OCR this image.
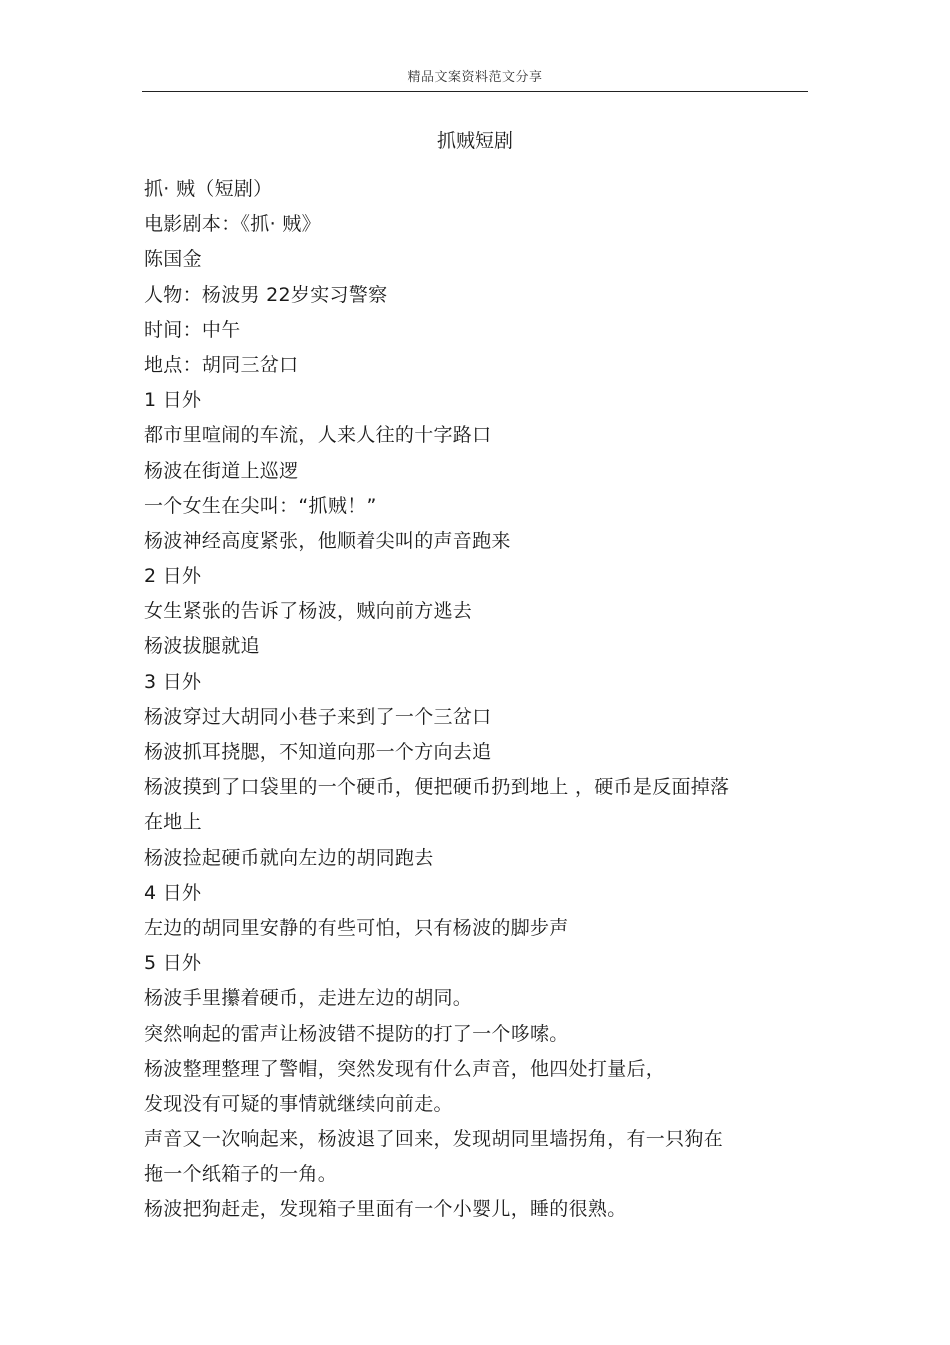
精品文案资料范文分享
抓贼短剧
抓· 贼（短剧）
电影剧本：《抓· 贼》
陈国金
人物：杨波男 22岁实习警察
时间：中午
地点：胡同三岔口
1 日外
都市里喧闹的车流，人来人往的十字路口
杨波在街道上巡逻
一个女生在尖叫：“抓贼！”
杨波神经高度紧张，他顺着尖叫的声音跑来
2 日外
女生紧张的告诉了杨波，贼向前方逃去
杨波拔腿就追
3 日外
杨波穿过大胡同小巷子来到了一个三岔口
杨波抓耳挠腮，不知道向那一个方向去追
杨波摸到了口袋里的一个硬币，便把硬币扔到地上 ，硬币是反面掉落
在地上
杨波捡起硬币就向左边的胡同跑去
4 日外
左边的胡同里安静的有些可怕，只有杨波的脚步声
5 日外
杨波手里攥着硬币，走进左边的胡同。
突然响起的雷声让杨波错不提防的打了一个哆嗦。
杨波整理整理了警帽，突然发现有什么声音，他四处打量后，
发现没有可疑的事情就继续向前走。
声音又一次响起来，杨波退了回来，发现胡同里墙拐角，有一只狗在
拖一个纸箱子的一角。
杨波把狗赶走，发现箱子里面有一个小婴儿，睡的很熟。
